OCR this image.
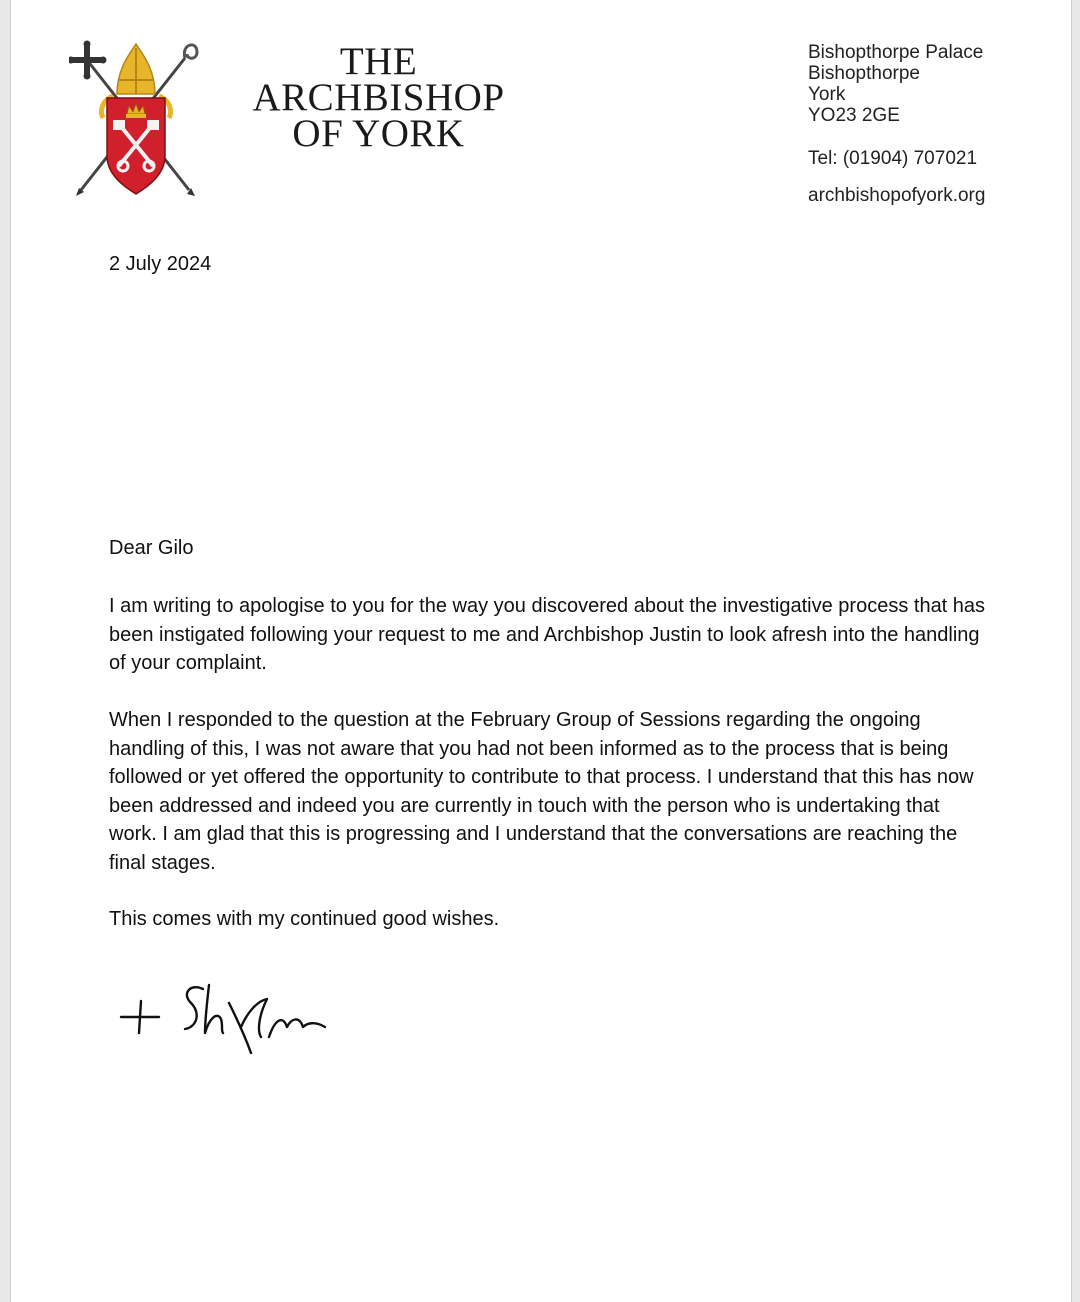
THE
ARCHBISHOP
OF YORK
Bishopthorpe Palace
Bishopthorpe
York
YO23 2GE
Tel: (01904) 707021
archbishopofyork.org
2 July 2024
Dear Gilo

I am writing to apologise to you for the way you discovered about the investigative process that has been instigated following your request to me and Archbishop Justin to look afresh into the handling of your complaint.

When I responded to the question at the February Group of Sessions regarding the ongoing handling of this, I was not aware that you had not been informed as to the process that is being followed or yet offered the opportunity to contribute to that process. I understand that this has now been addressed and indeed you are currently in touch with the person who is undertaking that work. I am glad that this is progressing and I understand that the conversations are reaching the final stages.

This comes with my continued good wishes.
